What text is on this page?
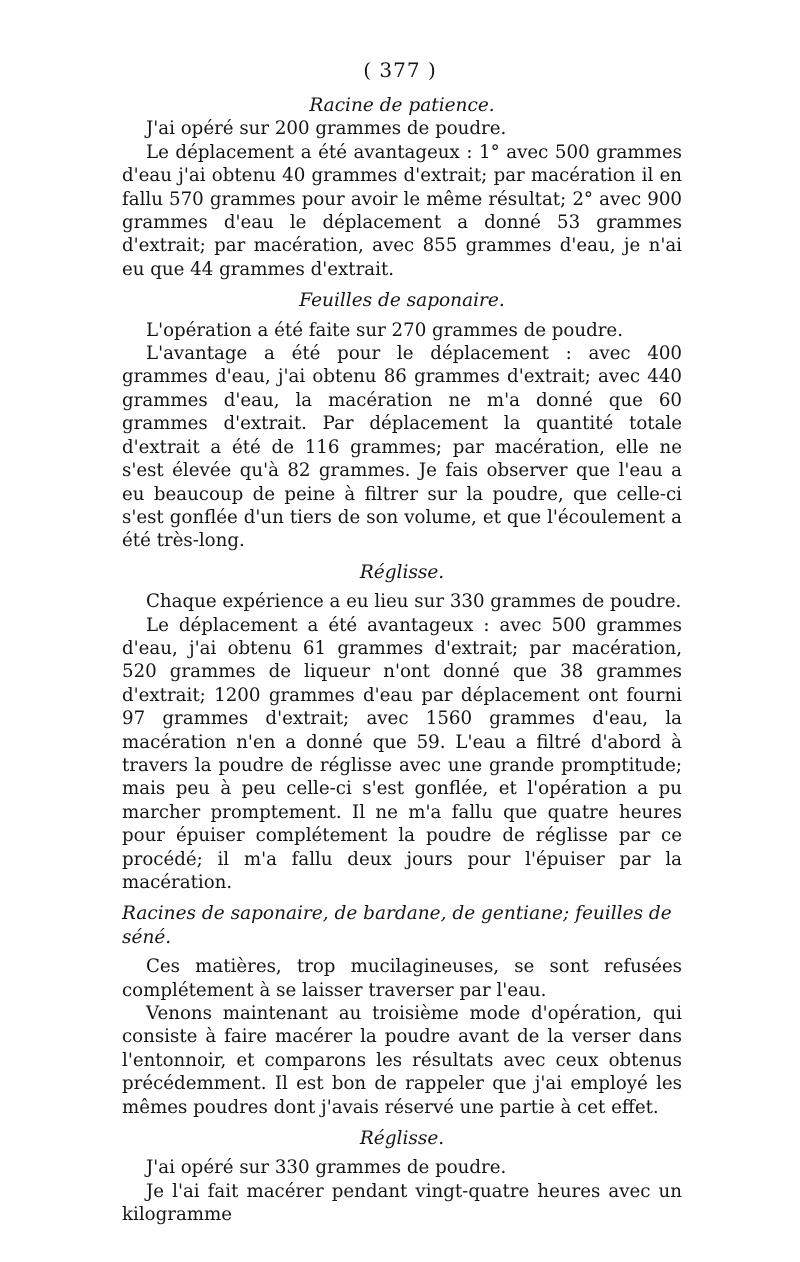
( 377 )
Racine de patience.

J'ai opéré sur 200 grammes de poudre.

Le déplacement a été avantageux : 1° avec 500 grammes d'eau j'ai obtenu 40 grammes d'extrait; par macération il en fallu 570 grammes pour avoir le même résultat; 2° avec 900 grammes d'eau le déplacement a donné 53 grammes d'extrait; par macération, avec 855 grammes d'eau, je n'ai eu que 44 grammes d'extrait.

Feuilles de saponaire.

L'opération a été faite sur 270 grammes de poudre.

L'avantage a été pour le déplacement : avec 400 grammes d'eau, j'ai obtenu 86 grammes d'extrait; avec 440 grammes d'eau, la macération ne m'a donné que 60 grammes d'extrait. Par déplacement la quantité totale d'extrait a été de 116 grammes; par macération, elle ne s'est élevée qu'à 82 grammes. Je fais observer que l'eau a eu beaucoup de peine à filtrer sur la poudre, que celle-ci s'est gonflée d'un tiers de son volume, et que l'écoulement a été très-long.

Réglisse.

Chaque expérience a eu lieu sur 330 grammes de poudre.

Le déplacement a été avantageux : avec 500 grammes d'eau, j'ai obtenu 61 grammes d'extrait; par macération, 520 grammes de liqueur n'ont donné que 38 grammes d'extrait; 1200 grammes d'eau par déplacement ont fourni 97 grammes d'extrait; avec 1560 grammes d'eau, la macération n'en a donné que 59. L'eau a filtré d'abord à travers la poudre de réglisse avec une grande promptitude; mais peu à peu celle-ci s'est gonflée, et l'opération a pu marcher promptement. Il ne m'a fallu que quatre heures pour épuiser complétement la poudre de réglisse par ce procédé; il m'a fallu deux jours pour l'épuiser par la macération.

Racines de saponaire, de bardane, de gentiane; feuilles de séné.

Ces matières, trop mucilagineuses, se sont refusées complétement à se laisser traverser par l'eau.

Venons maintenant au troisième mode d'opération, qui consiste à faire macérer la poudre avant de la verser dans l'entonnoir, et comparons les résultats avec ceux obtenus précédemment. Il est bon de rappeler que j'ai employé les mêmes poudres dont j'avais réservé une partie à cet effet.

Réglisse.

J'ai opéré sur 330 grammes de poudre.

Je l'ai fait macérer pendant vingt-quatre heures avec un kilogramme
